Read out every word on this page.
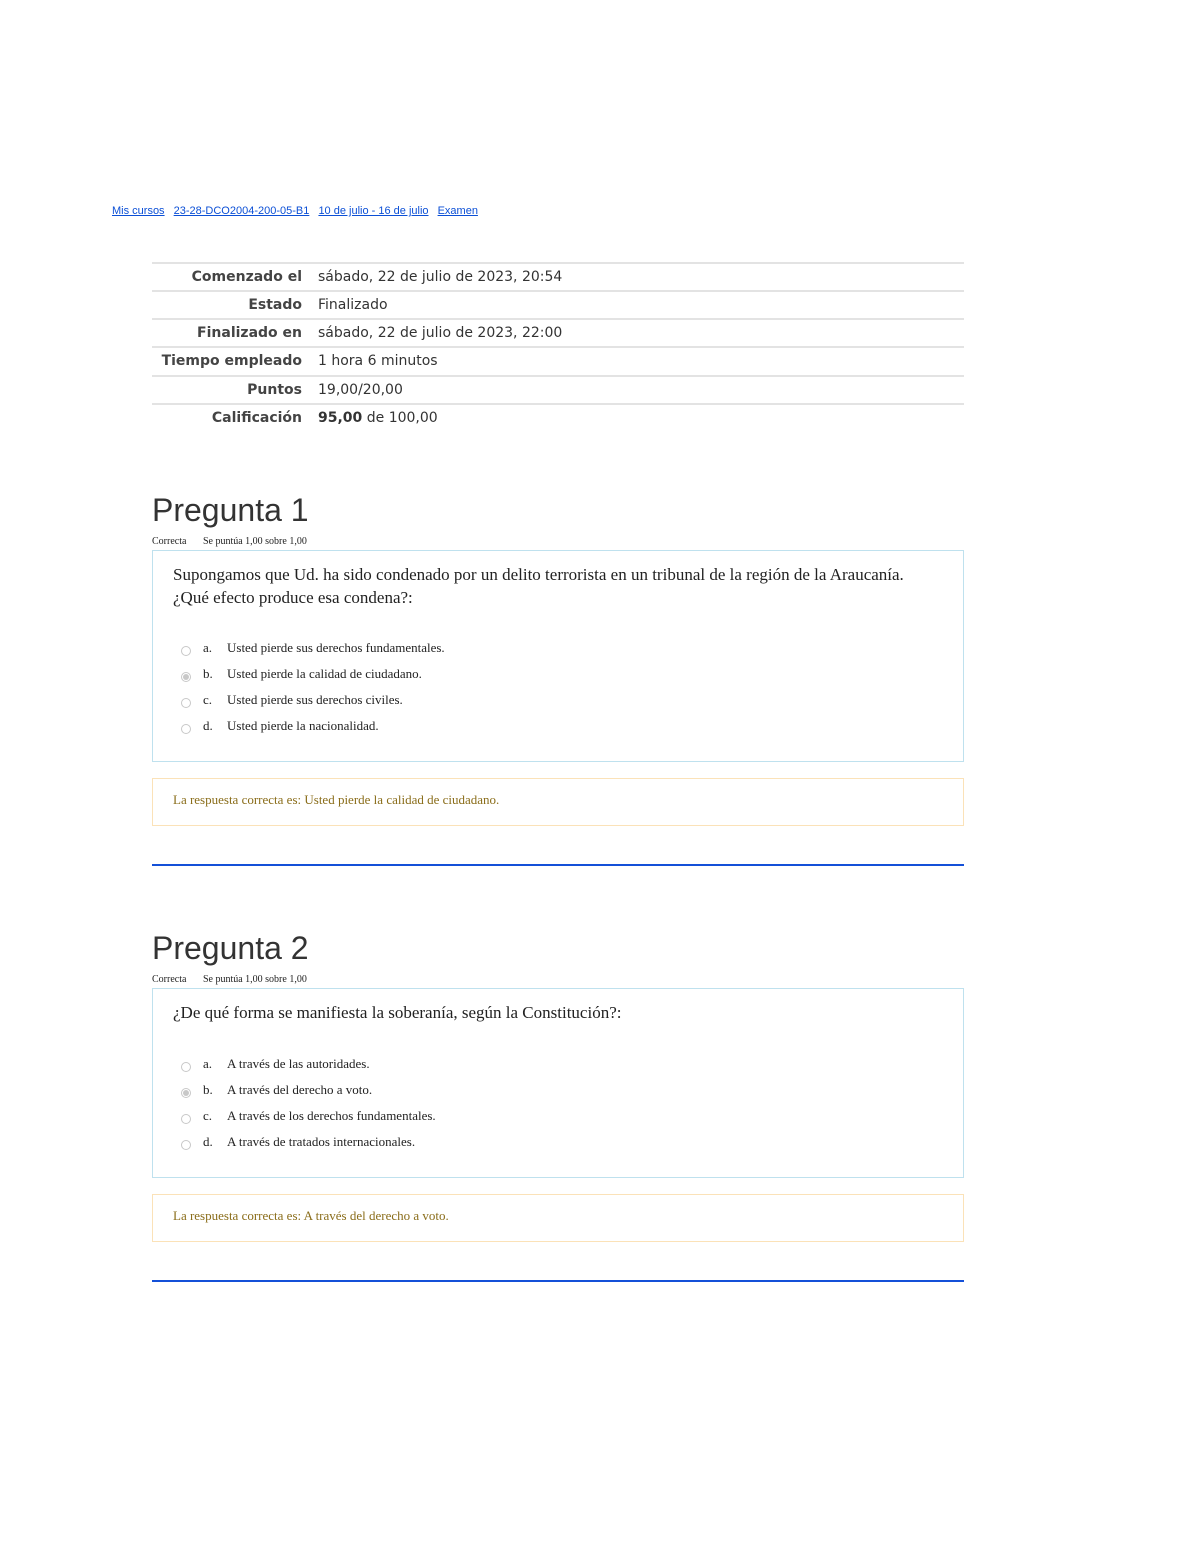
Mis cursos 23-28-DCO2004-200-05-B1 10 de julio - 16 de julio Examen
Comenzado el	sábado, 22 de julio de 2023, 20:54
Estado	Finalizado
Finalizado en	sábado, 22 de julio de 2023, 22:00
Tiempo empleado	1 hora 6 minutos
Puntos	19,00/20,00
Calificación	95,00 de 100,00
Pregunta 1
Correcta Se puntúa 1,00 sobre 1,00
Supongamos que Ud. ha sido condenado por un delito terrorista en un tribunal de la región de la Araucanía. ¿Qué efecto produce esa condena?:
a.	Usted pierde sus derechos fundamentales.
b.	Usted pierde la calidad de ciudadano.
c.	Usted pierde sus derechos civiles.
d.	Usted pierde la nacionalidad.
La respuesta correcta es: Usted pierde la calidad de ciudadano.
Pregunta 2
Correcta Se puntúa 1,00 sobre 1,00
¿De qué forma se manifiesta la soberanía, según la Constitución?:
a.	A través de las autoridades.
b.	A través del derecho a voto.
c.	A través de los derechos fundamentales.
d.	A través de tratados internacionales.
La respuesta correcta es: A través del derecho a voto.
